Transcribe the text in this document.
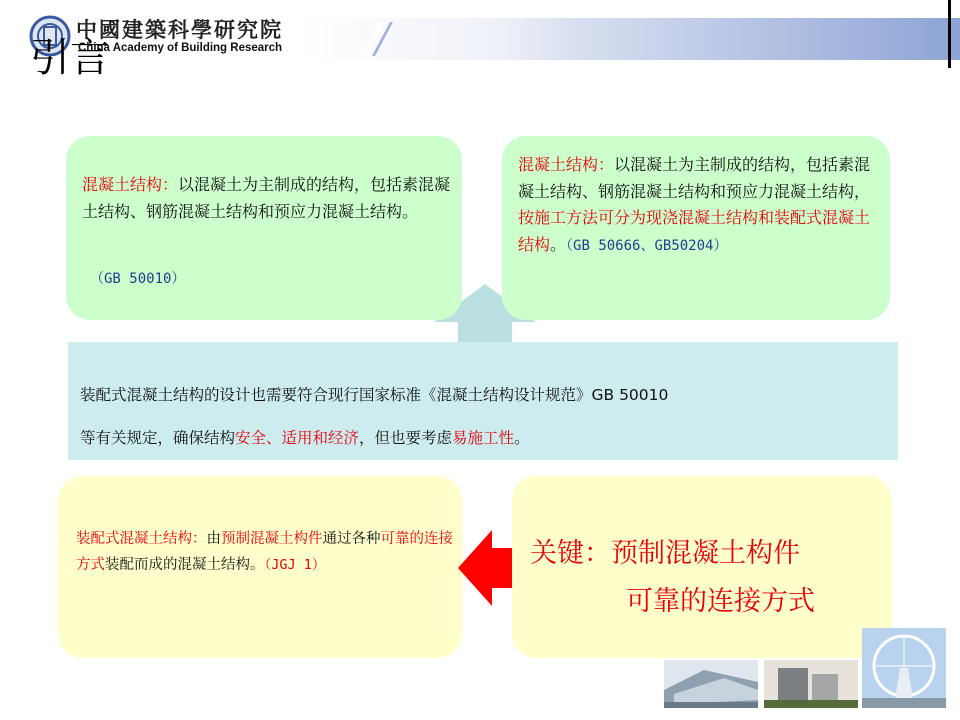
中國建築科學研究院
China Academy of Building Research
引言
混凝土结构：以混凝土为主制成的结构，包括素混凝土结构、钢筋混凝土结构和预应力混凝土结构。
（GB 50010）
混凝土结构：以混凝土为主制成的结构，包括素混凝土结构、钢筋混凝土结构和预应力混凝土结构，按施工方法可分为现浇混凝土结构和装配式混凝土结构。（GB 50666、GB50204）
装配式混凝土结构的设计也需要符合现行国家标准《混凝土结构设计规范》GB 50010
等有关规定，确保结构安全、适用和经济，但也要考虑易施工性。
装配式混凝土结构：由预制混凝土构件通过各种可靠的连接方式装配而成的混凝土结构。（JGJ 1）	关键：预制混凝土构件
可靠的连接方式
